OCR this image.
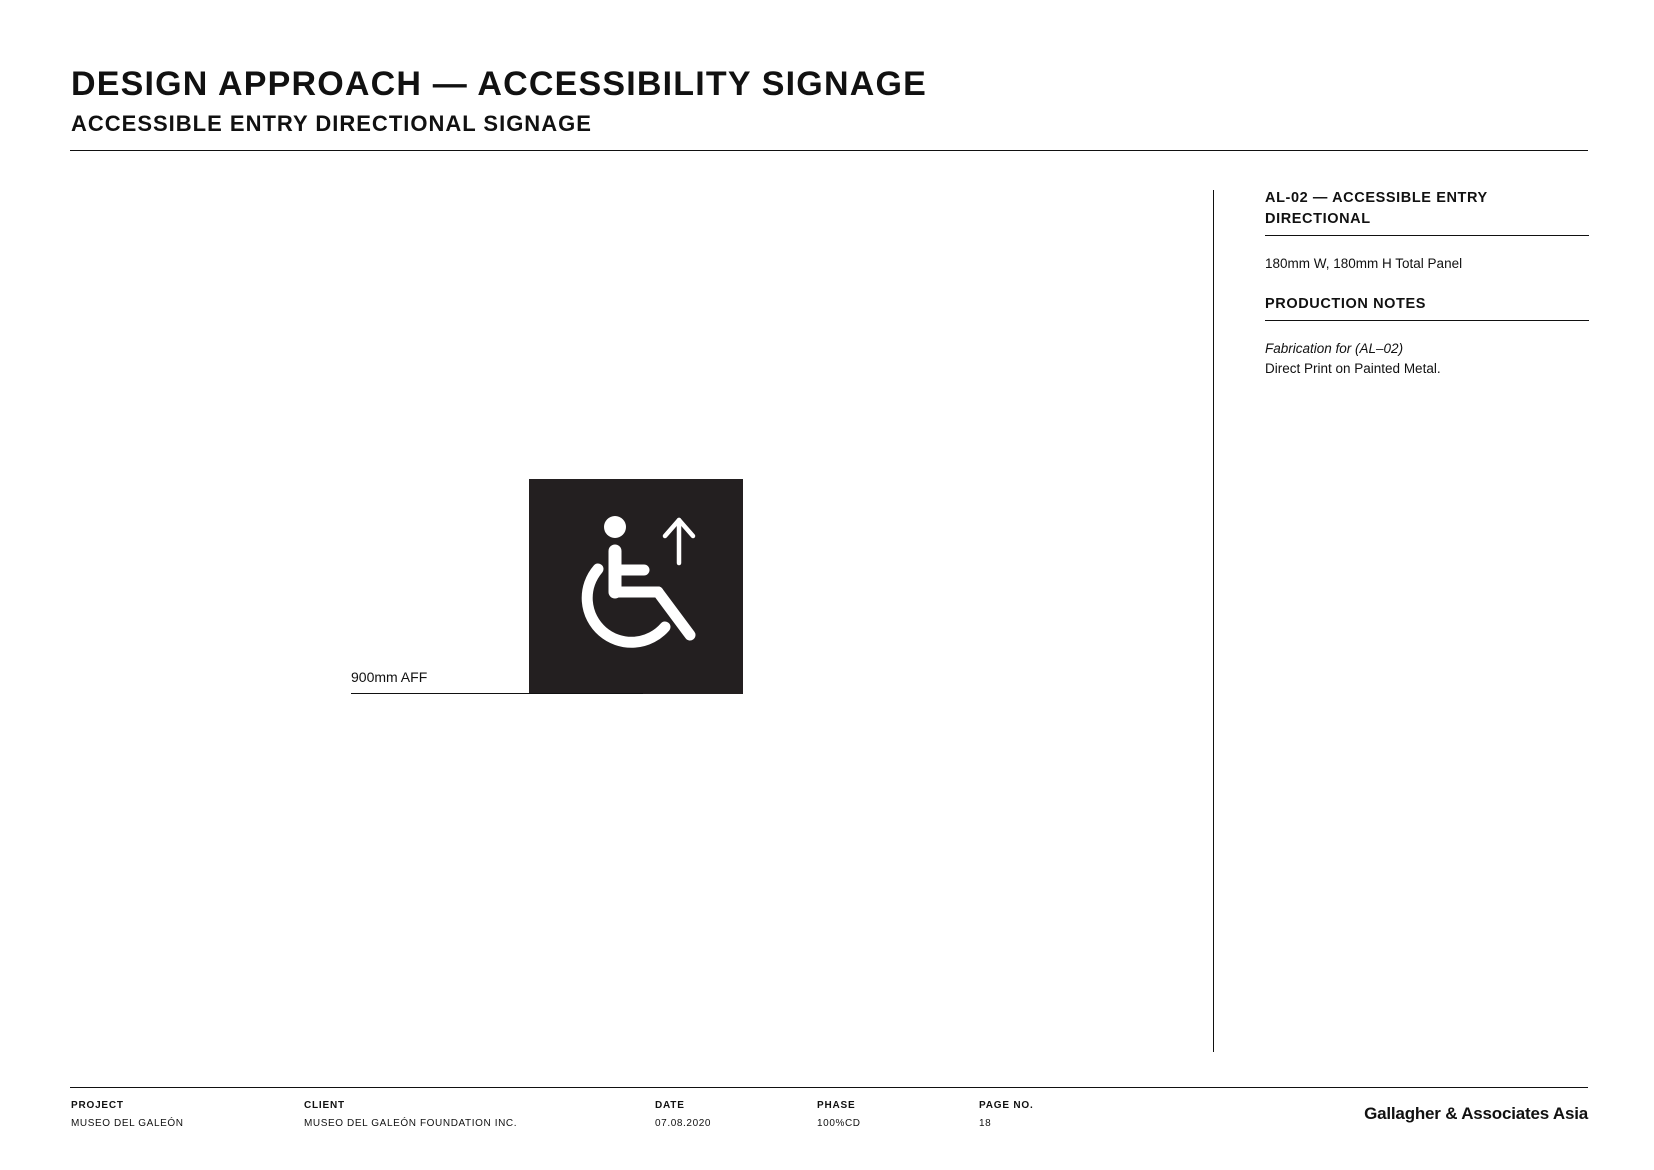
DESIGN APPROACH — ACCESSIBILITY SIGNAGE
ACCESSIBLE ENTRY DIRECTIONAL SIGNAGE
900mm AFF
AL-02 — ACCESSIBLE ENTRY
DIRECTIONAL

180mm W, 180mm H Total Panel

PRODUCTION NOTES
Fabrication for (AL–02)
Direct Print on Painted Metal.
PROJECT
MUSEO DEL GALEÓN
CLIENT
MUSEO DEL GALEÓN FOUNDATION INC.
DATE
07.08.2020
PHASE
100%CD
PAGE NO.
18
Gallagher & Associates Asia
